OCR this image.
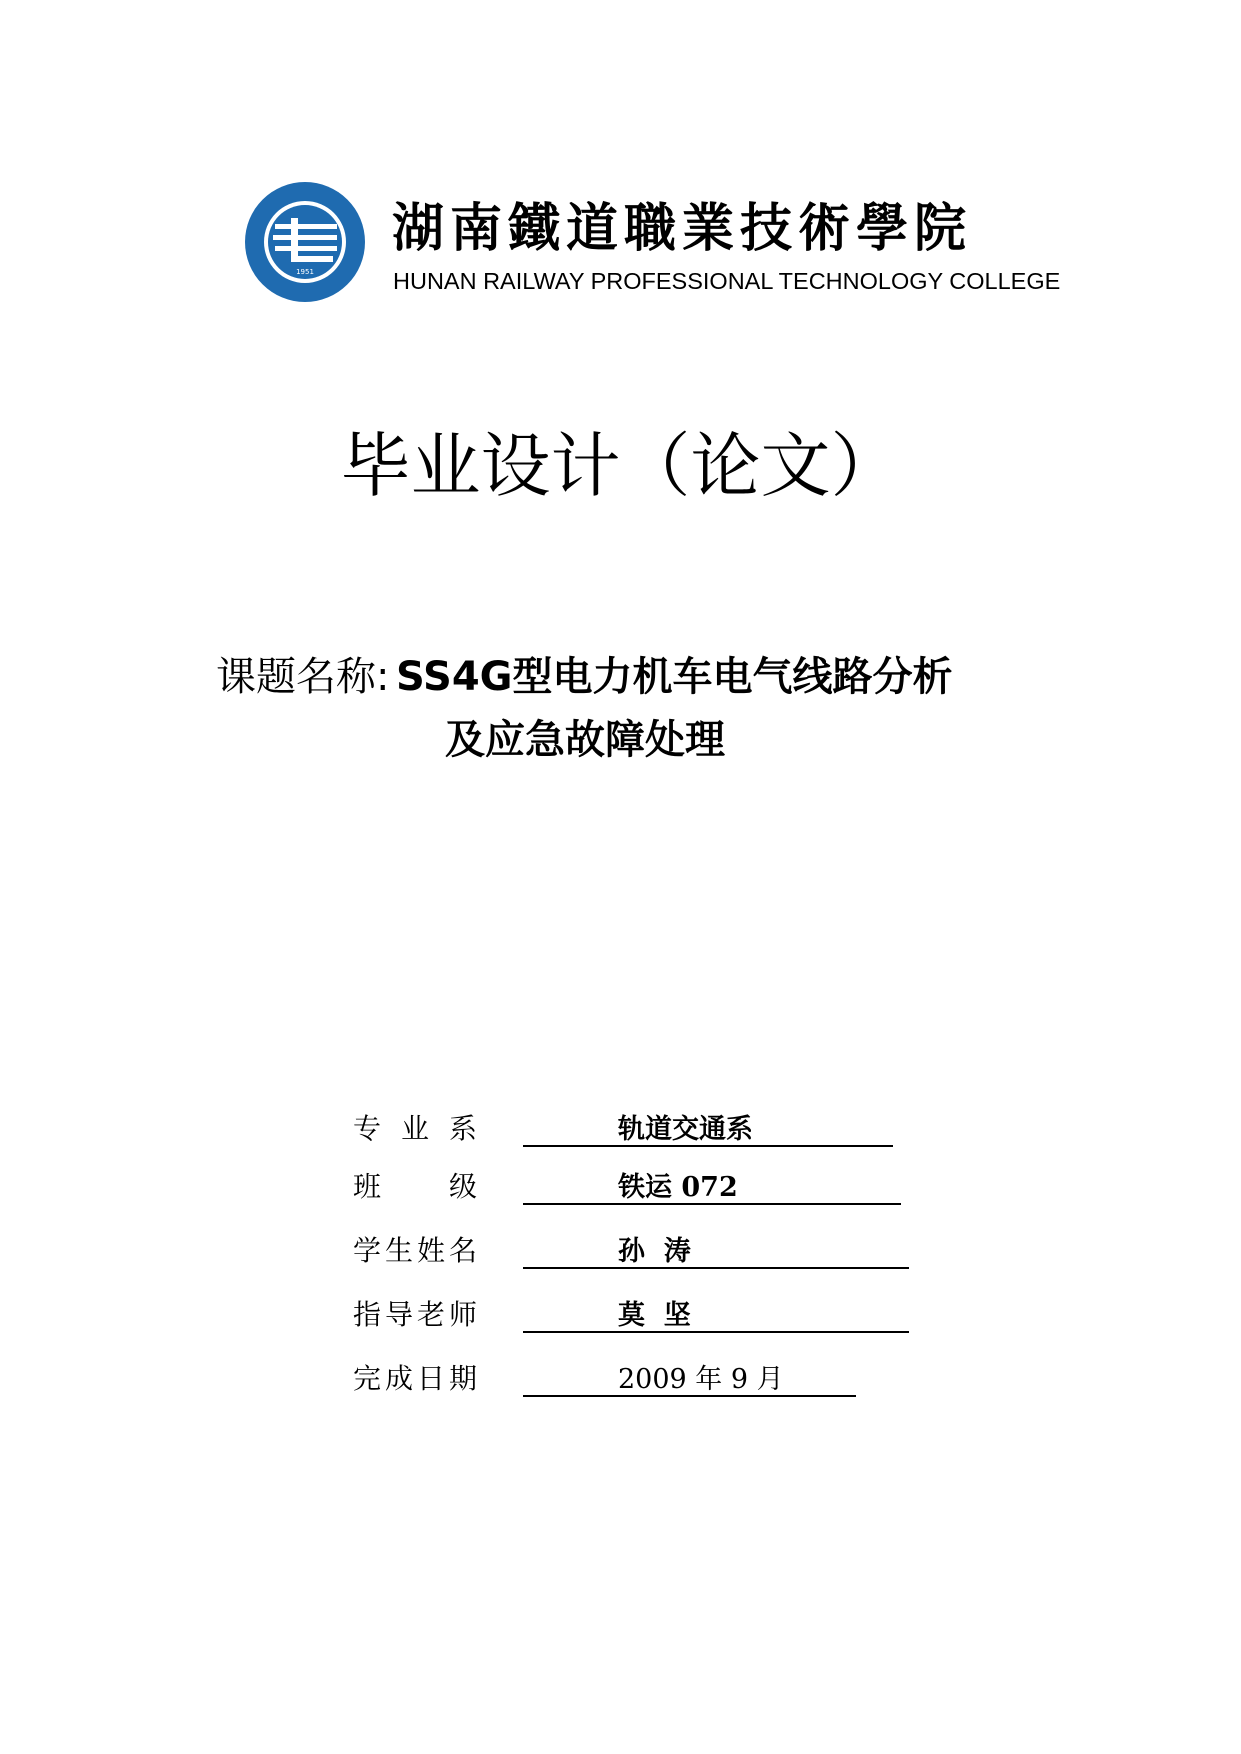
1951
湖南鐵道職業技術學院
HUNAN RAILWAY PROFESSIONAL TECHNOLOGY COLLEGE
毕业设计（论文）
课题名称: SS4G型电力机车电气线路分析
及应急故障处理
专业系	轨道交通系
班级	铁运 072
学生姓名	孙  涛
指导老师	莫  坚
完成日期	2009 年 9 月
